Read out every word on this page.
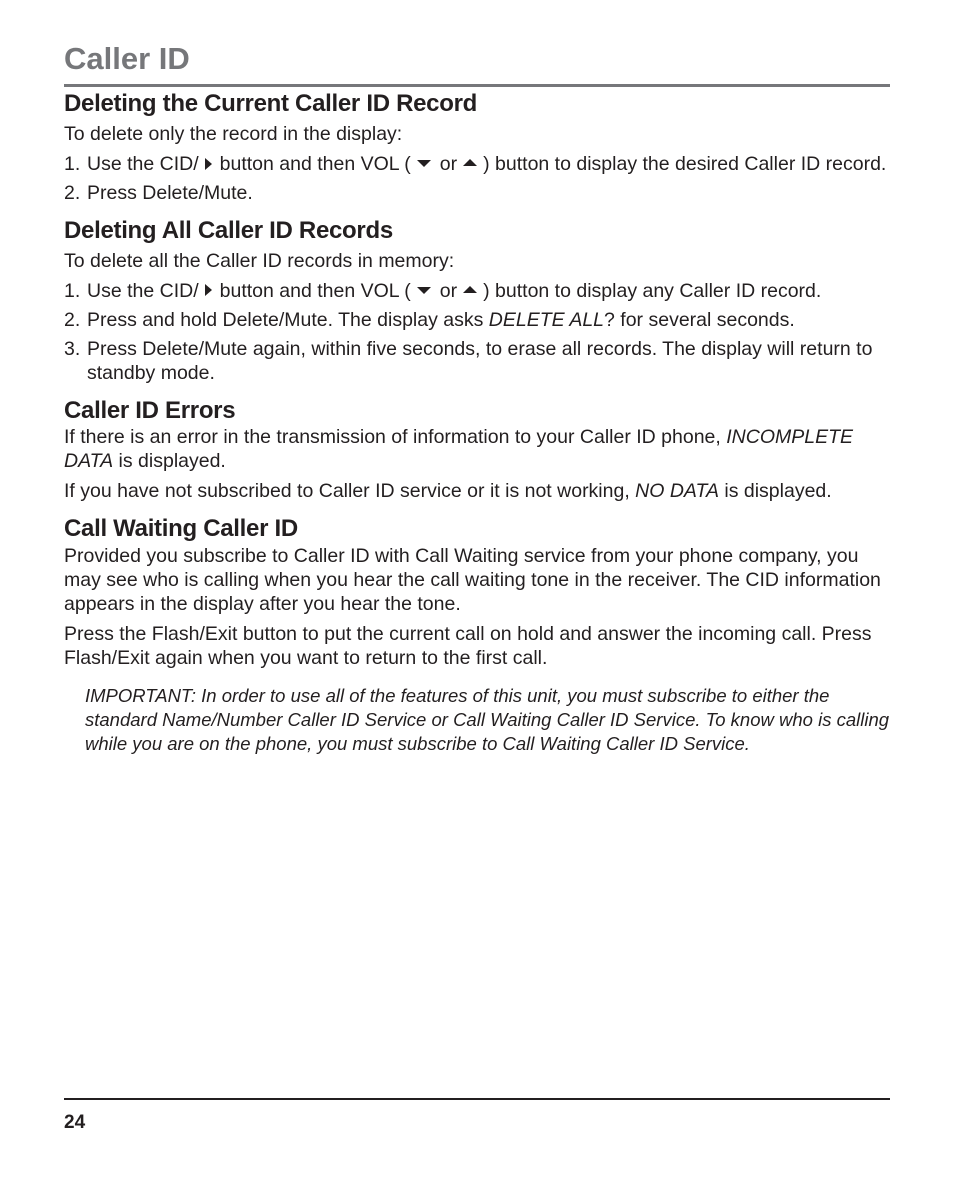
Caller ID
Deleting the Current Caller ID Record

To delete only the record in the display:

1. Use the CID/ button and then VOL ( or ) button to display the desired Caller ID record.
2. Press Delete/Mute.
Deleting All Caller ID Records

To delete all the Caller ID records in memory:

1. Use the CID/ button and then VOL ( or ) button to display any Caller ID record.
2. Press and hold Delete/Mute. The display asks DELETE ALL? for several seconds.
3. Press Delete/Mute again, within five seconds, to erase all records. The display will return to standby mode.
Caller ID Errors

If there is an error in the transmission of information to your Caller ID phone, INCOMPLETE DATA is displayed.

If you have not subscribed to Caller ID service or it is not working, NO DATA is displayed.

Call Waiting Caller ID

Provided you subscribe to Caller ID with Call Waiting service from your phone company, you may see who is calling when you hear the call waiting tone in the receiver. The CID information appears in the display after you hear the tone.

Press the Flash/Exit button to put the current call on hold and answer the incoming call. Press Flash/Exit again when you want to return to the first call.

IMPORTANT: In order to use all of the features of this unit, you must subscribe to either the standard Name/Number Caller ID Service or Call Waiting Caller ID Service. To know who is calling while you are on the phone, you must subscribe to Call Waiting Caller ID Service.

24
